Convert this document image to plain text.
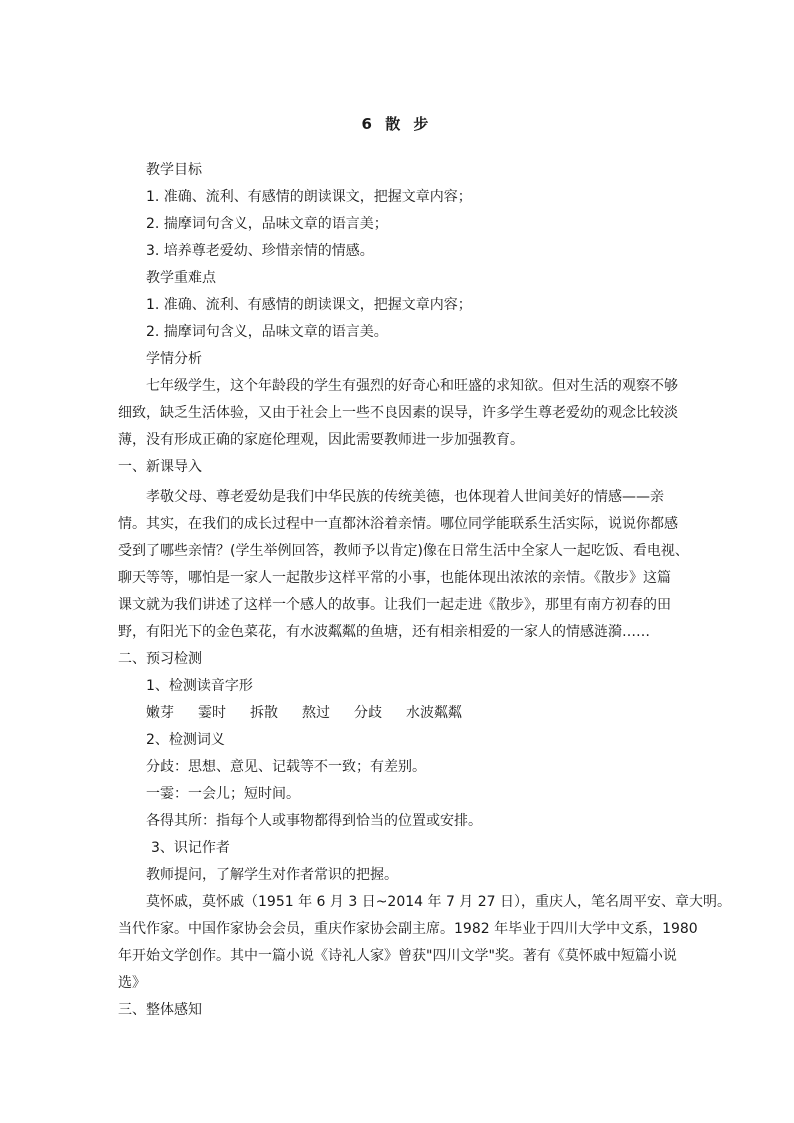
6 散 步
教学目标
1. 准确、流利、有感情的朗读课文，把握文章内容；
2. 揣摩词句含义，品味文章的语言美；
3. 培养尊老爱幼、珍惜亲情的情感。
教学重难点
1. 准确、流利、有感情的朗读课文，把握文章内容；
2. 揣摩词句含义，品味文章的语言美。
学情分析
七年级学生，这个年龄段的学生有强烈的好奇心和旺盛的求知欲。但对生活的观察不够
细致，缺乏生活体验，又由于社会上一些不良因素的误导，许多学生尊老爱幼的观念比较淡
薄，没有形成正确的家庭伦理观，因此需要教师进一步加强教育。
一、新课导入
孝敬父母、尊老爱幼是我们中华民族的传统美德，也体现着人世间美好的情感——亲
情。其实，在我们的成长过程中一直都沐浴着亲情。哪位同学能联系生活实际，说说你都感
受到了哪些亲情？(学生举例回答，教师予以肯定)像在日常生活中全家人一起吃饭、看电视、
聊天等等，哪怕是一家人一起散步这样平常的小事，也能体现出浓浓的亲情。《散步》这篇
课文就为我们讲述了这样一个感人的故事。让我们一起走进《散步》，那里有南方初春的田
野，有阳光下的金色菜花，有水波粼粼的鱼塘，还有相亲相爱的一家人的情感涟漪……
二、预习检测
1、检测读音字形
嫩芽 霎时 拆散 熬过 分歧 水波粼粼
2、检测词义
分歧：思想、意见、记载等不一致；有差别。
一霎：一会儿；短时间。
各得其所：指每个人或事物都得到恰当的位置或安排。
3、识记作者
教师提问，了解学生对作者常识的把握。
莫怀戚，莫怀戚（1951 年 6 月 3 日~2014 年 7 月 27 日），重庆人，笔名周平安、章大明。
当代作家。中国作家协会会员，重庆作家协会副主席。1982 年毕业于四川大学中文系，1980
年开始文学创作。其中一篇小说《诗礼人家》曾获"四川文学"奖。著有《莫怀戚中短篇小说
选》
三、整体感知
